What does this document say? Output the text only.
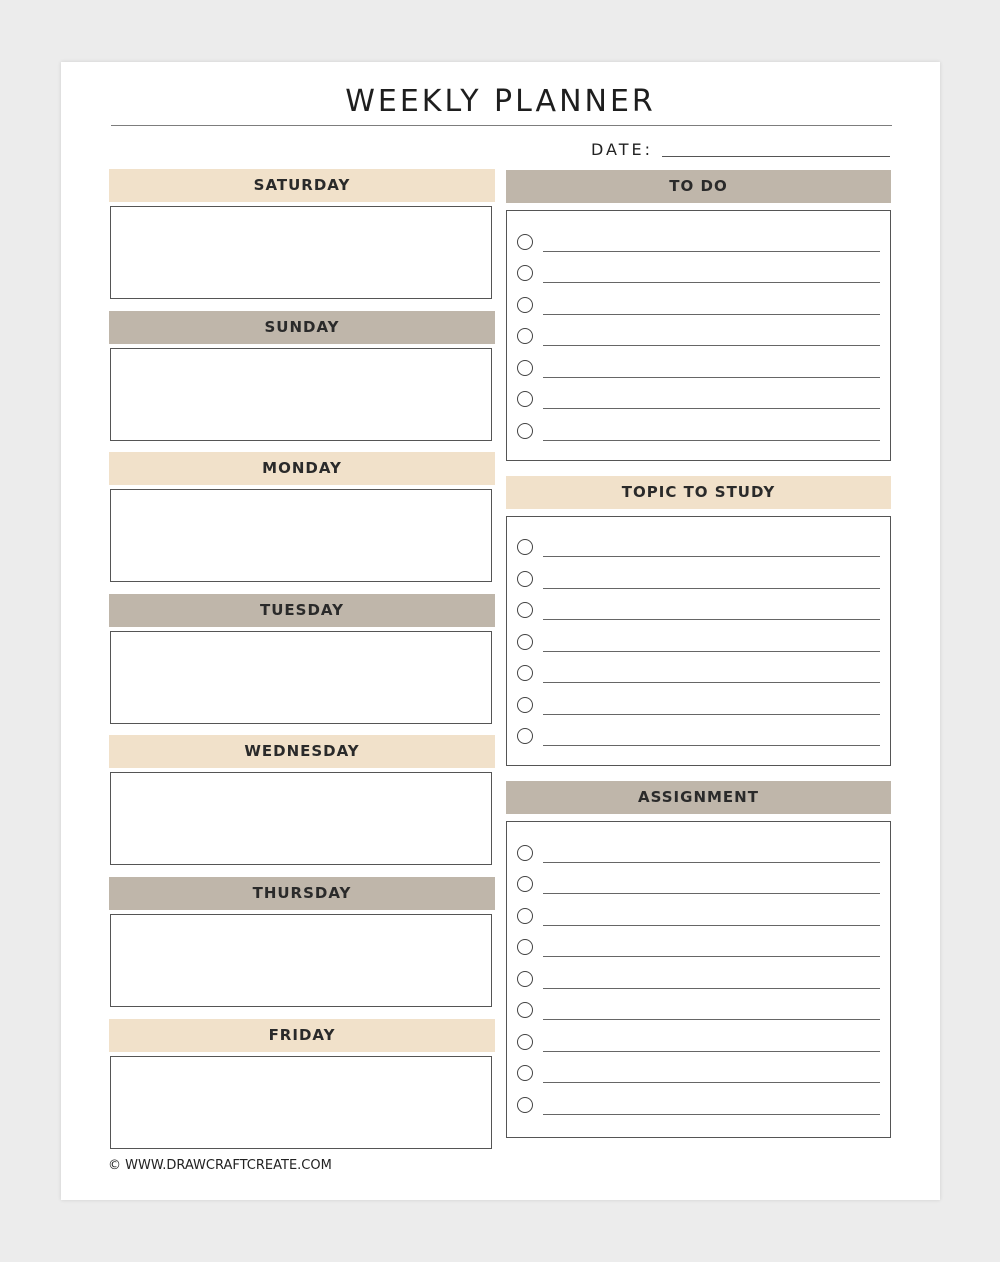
WEEKLY PLANNER
DATE:
SATURDAY
SUNDAY
MONDAY
TUESDAY
WEDNESDAY
THURSDAY
FRIDAY
TO DO
TOPIC TO STUDY
ASSIGNMENT
© WWW.DRAWCRAFTCREATE.COM
